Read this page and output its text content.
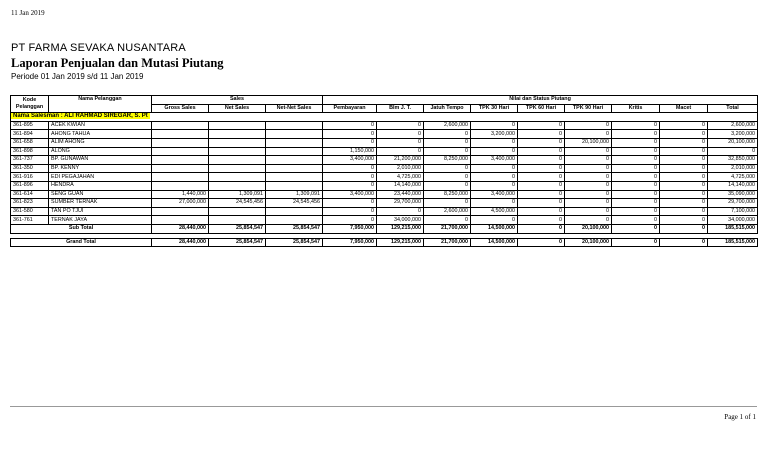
11 Jan 2019
PT FARMA SEVAKA NUSANTARA
Laporan Penjualan dan Mutasi Piutang
Periode 01 Jan 2019 s/d 11 Jan 2019
Kode Pelanggan	Nama Pelanggan	Sales			Nilai dan Status Piutang								
		Gross Sales	Net Sales	Net-Net Sales	Pembayaran	Blm J. T.	Jatuh Tempo	TPK 30 Hari	TPK 60 Hari	TPK 90 Hari	Kritis	Macet	Total
Nama Salesman : ALI RAHMAD SIREGAR, S. Pt													
361-895	ACEK KWIAN				0	0	2,600,000	0	0	0	0	0	2,600,000
361-894	AHONG TAHUA				0	0	0	3,200,000	0	0	0	0	3,200,000
361-658	ALIM AHONG				0	0	0	0	0	20,100,000	0	0	20,100,000
361-898	ALONG				1,150,000	0	0	0	0	0	0	0	0
361-737	BP. GUNAWAN				3,400,000	21,200,000	8,250,000	3,400,000	0	0	0	0	32,850,000
361-350	BP. KENNY				0	2,010,000	0	0	0	0	0	0	2,010,000
361-916	EDI PEGAJAHAN				0	4,725,000	0	0	0	0	0	0	4,725,000
361-896	HENDRA				0	14,140,000	0	0	0	0	0	0	14,140,000
361-614	SENG GUAN	1,440,000	1,309,091	1,309,091	3,400,000	23,440,000	8,250,000	3,400,000	0	0	0	0	35,090,000
361-823	SUMBER TERNAK	27,000,000	24,545,456	24,545,456	0	29,700,000	0	0	0	0	0	0	29,700,000
361-580	TAN PO TJUI				0	0	2,600,000	4,500,000	0	0	0	0	7,100,000
361-761	TERNAK JAYA				0	34,000,000	0	0	0	0	0	0	34,000,000
Sub Total		28,440,000	25,854,547	25,854,547	7,950,000	129,215,000	21,700,000	14,500,000	0	20,100,000	0	0	185,515,000

Grand Total		28,440,000	25,854,547	25,854,547	7,950,000	129,215,000	21,700,000	14,500,000	0	20,100,000	0	0	185,515,000
Page 1 of 1
